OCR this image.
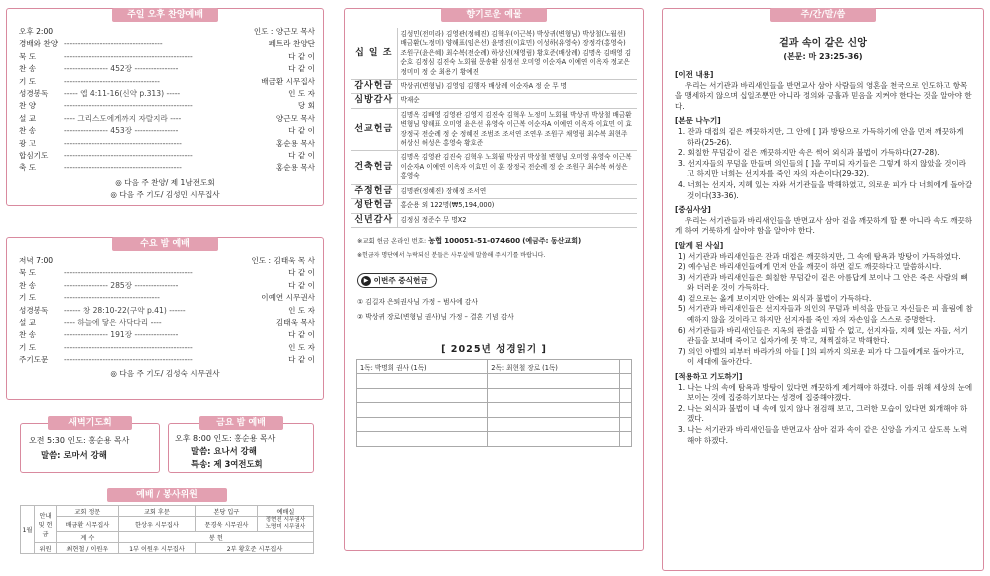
주일 오후 찬양예배
오후 2:00	인도 : 양근모 목사
경배와 찬양 ------------------------------------	페트라 찬양단
묵 도	-----------------------------------------------	다 같 이
찬 송	---------------- 452장 ----------------	다 같 이
기 도	-----------------------------------	배금환 시무집사
성경봉독	----- 엡 4:11-16(신약 p.313) -----	인 도 자
찬 양	-----------------------------------------------	당 회
설 교	---- 그리스도에게까지 자랄지라 ----	양근모 목사
찬 송	---------------- 453장 ----------------	다 같 이
광 고	-------------------------------------------	홍순용 목사
합심기도	-----------------------------------------------	다 같 이
축 도	-------------------------------------------	홍순용 목사
◎ 다음 주 찬양/ 제 1남전도회
◎ 다음 주 기도/ 김성민 시무집사
수요 밤 예배
저녁 7:00	인도 : 김태욱 목 사
묵 도	-----------------------------------------------	다 같 이
찬 송	---------------- 285장 ----------------	다 같 이
기 도	-----------------------------------	이예연 시무권사
성경봉독	------ 창 28:10-22(구약 p.41) ------	인 도 자
설 교	---- 하늘에 닿은 사닥다리 ----	김태욱 목사
찬 송	---------------- 191장 ----------------	다 같 이
기 도	-----------------------------------------------	인 도 자
주기도문	-----------------------------------------------	다 같 이
◎ 다음 주 기도/ 김성숙 시무권사
새벽기도회
오전 5:30 인도: 홍순용 목사
말씀: 로마서 강해
금요 밤 예배
오후 8:00 인도: 홍순용 목사
말씀: 요나서 강해
특송: 제 3여전도회
예배 / 봉사위원
1월	안내 및 헌금	교회 정문	교회 후문	본당 입구	예배실
		배금환 시무집사	한상우 시무집사	문경욱 시무권사	정현진 시무권사
노명미 시무권사
		계 수	봉 헌		
	위원	최현철 / 이원우	1부 이원우 시무집사	2부 황호준 시무집사	
향기로운 예물
십 일 조	김성민(전미라) 김영관(정혜진) 김혁우(이근복) 박상귀(변형님) 박상철(노월선) 배금환(노정미) 양해표(임은선) 윤명진(이효민) 이성하(유영숙) 장정각(홍영숙) 조원구(윤은혜) 최수복(전순례) 하상신(채영림) 황호준(배상례) 김명옥 김배영 김순호 김정심 김진숙 노회월 문송환 심정선 오미영 이순자A 이예연 이옥자 정교은 정미미 정 순 최용기 황예진
감사헌금	박상귀(변형님) 김영임 김행자 배상례 이순자A 정 순 무 명
심방감사	박재순
선교헌금	김명옥 김배영 김영관 김영지 김진숙 김혁우 노정미 노회월 박상귀 박상철 배금환 변형님 양해표 오미영 윤은선 유영숙 이근복 이순자A 이예연 이옥자 이효민 이 효 장정국 전순례 정 순 정혜진 조범조 조서연 조연우 조원구 채영림 최수복 최현주 허상신 허성은 홍영숙 황호준
건축헌금	김명옥 김영관 김진숙 김혁우 노회월 박상귀 박상철 변형님 오미영 유영숙 이근복 이순자A 이예연 이옥자 이효민 이 훈 장정국 전순례 정 순 조원구 최수복 허성은 홍영숙
주정헌금	김명관(정혜진) 장해정 조서연
성탄헌금	홍순용 외 122명(₩5,194,000)
신년감사	김정심 정준수 무 명X2
※교회 헌금 온라인 번호: 농협 100051-51-074600 (예금주: 동산교회)
※헌금자 명단에서 누락되신 분들은 사무실에 말씀해 주시기를 바랍니다.
▶ 이번주 중식헌금
① 김길자 은퇴권사님 가정 – 범사에 감사
② 박상귀 장로(변형님 권사)님 가정 – 결혼 기념 감사
[ 2025년 성경읽기 ]
1독: 박명희 권사 (1독)	2독: 최현철 장로 (1독)	

주/간/말/씀
겉과 속이 같은 신앙
(본문: 마 23:25-36)
[이전 내용]

우리는 서기관과 바리새인들을 반면교사 삼아 사람들의 영혼을 천국으로 인도하고 항목을 맹세하지 않으며 십일조뿐만 아니라 정의와 긍휼과 믿음을 지켜야 한다는 것을 알아야 한다.

[본문 나누기]
1. 잔과 대접의 겉은 깨끗하지만, 그 안에 [ ]과 방탕으로 가득하기에 안을 먼저 깨끗하게 하라(25-26).
2. 회칠한 무덤같이 겉은 깨끗하지만 속은 썩어 외식과 불법이 가득하다(27-28).
3. 선지자들의 무덤을 만들며 의인들의 [ ]을 꾸미되 자기들은 그렇게 하지 않았을 것이라고 하지만 너희는 선지자를 죽인 자의 자손이다(29-32).
4. 너희는 선지자, 지혜 있는 자와 서기관들을 박해하였고, 의로운 피가 다 너희에게 돌아갈 것이다(33-36).
[중심사상]

우리는 서기관들과 바리새인들을 반면교사 삼아 겉을 깨끗하게 할 뿐 아니라 속도 깨끗하게 하여 거룩하게 살아야 함을 알아야 한다.

[알게 된 사실]
1) 서기관과 바리새인들은 잔과 대접은 깨끗하지만, 그 속에 탐욕과 방탕이 가득하였다.
2) 예수님은 바리새인들에게 먼저 안을 깨끗이 하면 겉도 깨끗하다고 말씀하시다.
3) 서기관과 바리새인들은 회칠한 무덤같이 겉은 아름답게 보이나 그 안은 죽은 사람의 뼈와 더러운 것이 가득하다.
4) 겉으로는 옳게 보이지만 안에는 외식과 불법이 가득하다.
5) 서기관과 바리새인들은 선지자들과 의인의 무덤과 비석을 만들고 자신들은 피 흘림에 참예하지 않을 것이라고 하지만 선지자를 죽인 자의 자손임을 스스로 증명한다.
6) 서기관들과 바리새인들은 지옥의 판결을 피할 수 없고, 선지자들, 지혜 있는 자들, 서기관들을 보내매 죽이고 십자가에 못 박고, 채찍질하고 박해한다.
7) 의인 아벨의 피부터 바라가의 아들 [ ]의 피까지 의로운 피가 다 그들에게로 돌아가고, 이 세대에 돌아간다.
[적용하고 기도하기]
1. 나는 나의 속에 탐욕과 방탕이 있다면 깨끗하게 제거해야 하겠다. 이를 위해 세상의 눈에 보이는 것에 집중하기보다는 성경에 집중해야겠다.
2. 나는 외식과 불법이 내 속에 있지 않나 점검해 보고, 그러한 모습이 있다면 회개해야 하겠다.
3. 나는 서기관과 바리새인들을 반면교사 삼아 겉과 속이 같은 신앙을 가지고 살도록 노력해야 하겠다.
